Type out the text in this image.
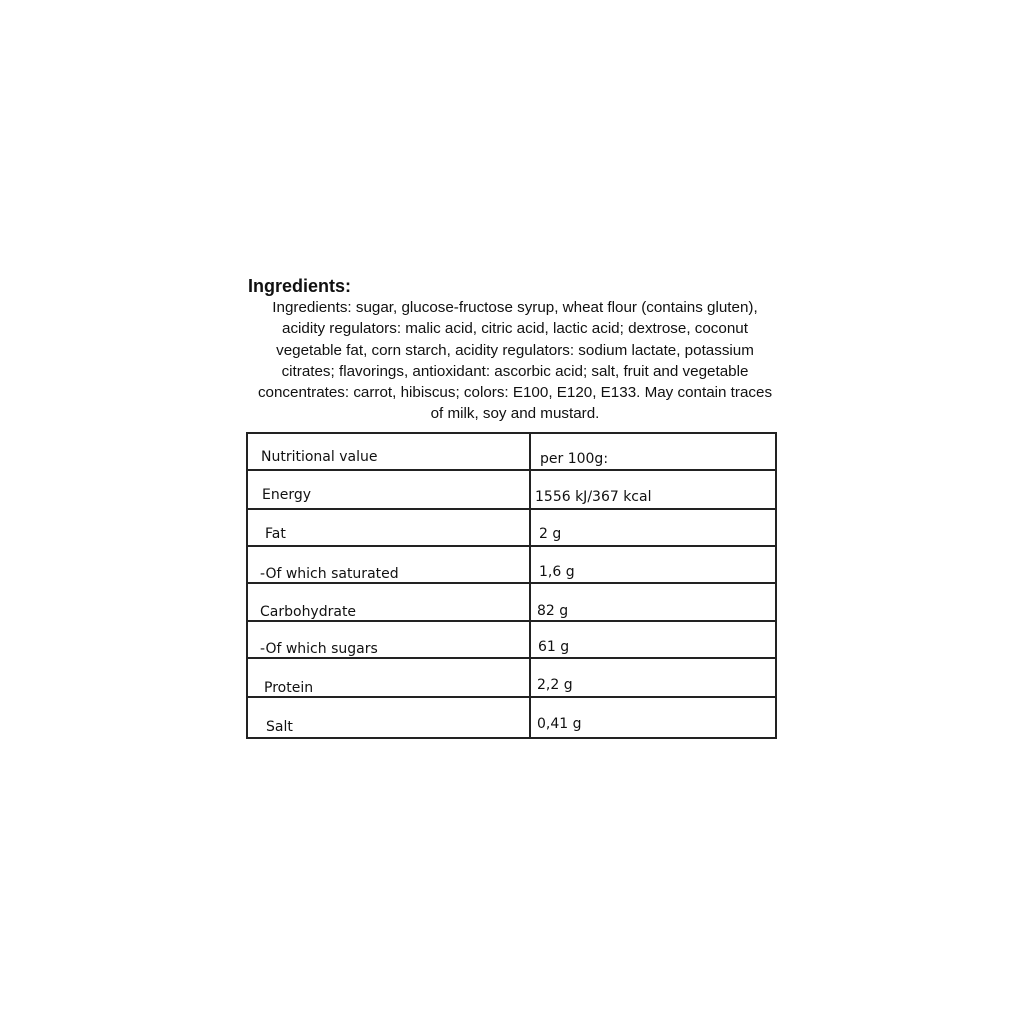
Ingredients:
Ingredients: sugar, glucose-fructose syrup, wheat flour (contains gluten),
acidity regulators: malic acid, citric acid, lactic acid; dextrose, coconut
vegetable fat, corn starch, acidity regulators: sodium lactate, potassium
citrates; flavorings, antioxidant: ascorbic acid; salt, fruit and vegetable
concentrates: carrot, hibiscus; colors: E100, E120, E133. May contain traces
of milk, soy and mustard.
Nutritional value	per 100g:

Energy	1556 kJ/367 kcal

Fat	2 g

-Of which saturated	1,6 g

Carbohydrate	82 g

-Of which sugars	61 g

Protein	2,2 g

Salt	0,41 g
